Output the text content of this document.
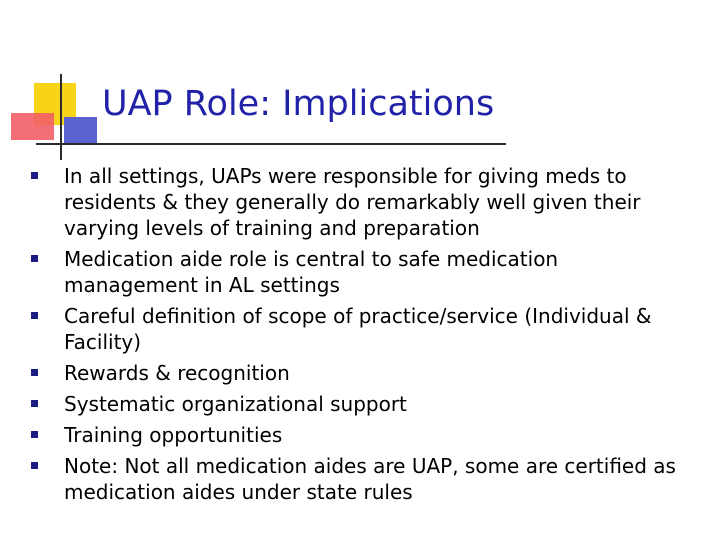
UAP Role: Implications
In all settings, UAPs were responsible for giving meds to residents & they generally do remarkably well given their varying levels of training and preparation
Medication aide role is central to safe medication management in AL settings
Careful definition of scope of practice/service (Individual & Facility)
Rewards & recognition
Systematic organizational support
Training opportunities
Note: Not all medication aides are UAP, some are certified as medication aides under state rules
